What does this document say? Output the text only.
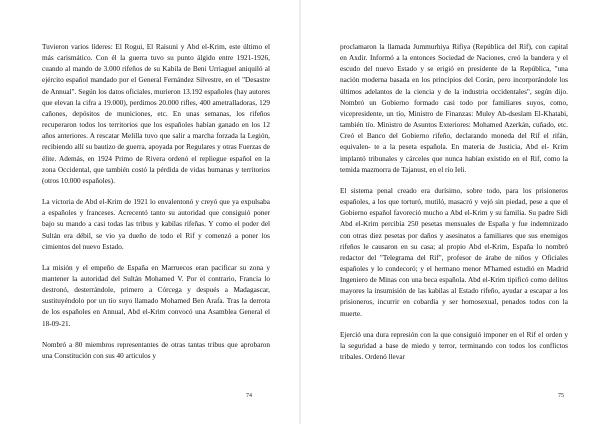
Tuvieron varios líderes: El Rogui, El Raisuni y Abd el-Krim, este último el más carismático. Con él la guerra tuvo su punto álgido entre 1921-1926, cuando al mando de 3.000 rifeños de su Kabila de Beni Urriaguel aniquiló al ejército español mandado por el General Fernández Silvestre, en el "Desastre de Annual". Según los datos oficiales, murieron 13.192 españoles (hay autores que elevan la cifra a 19.000), perdimos 20.000 rifles, 400 ametralladoras, 129 cañones, depósitos de municiones, etc. En unas semanas, los rifeños recuperaron todos los territorios que los españoles habían ganado en los 12 años anteriores. A rescatar Melilla tuvo que salir a marcha forzada la Legión, recibiendo allí su bautizo de guerra, apoyada por Regulares y otras Fuerzas de élite. Además, en 1924 Primo de Rivera ordenó el repliegue español en la zona Occidental, que también costó la pérdida de vidas humanas y territorios (otros 10.000 españoles).

La victoria de Abd el-Krim de 1921 lo envalentonó y creyó que ya expulsaba a españoles y franceses. Acrecentó tanto su autoridad que consiguió poner bajo su mando a casi todas las tribus y kabilas rifeñas. Y como el poder del Sultán era débil, se vio ya dueño de todo el Rif y comenzó a poner los cimientos del nuevo Estado.

La misión y el empeño de España en Marruecos eran pacificar su zona y mantener la autoridad del Sultán Mohamed V. Por el contrario, Francia lo destronó, desterrándole, primero a Córcega y después a Madagascar, sustituyéndolo por un tío suyo llamado Mohamed Ben Arafa. Tras la derrota de los españoles en Annual, Abd el-Krim convocó una Asamblea General el 18-09-21.

Nombró a 80 miembros representantes de otras tantas tribus que aprobaron una Constitución con sus 40 artículos y

74

proclamaron la llamada Jummurhiya Rifiya (República del Rif), con capital en Axdir. Informó a la entonces Sociedad de Naciones, creó la bandera y el escudo del nuevo Estado y se erigió en presidente de la República, "una nación moderna basada en los principios del Corán, pero incorporándole los últimos adelantos de la ciencia y de la industria occidentales", según dijo. Nombró un Gobierno formado casi todo por familiares suyos, como, vicepresidente, un tío, Ministro de Finanzas: Muley Ab-dseslam El-Khatabi, también tío. Ministro de Asuntos Exteriores: Mohamed Azerkán, cuñado, etc. Creó el Banco del Gobierno rifeño, declarando moneda del Rif el rifán, equivalen- te a la peseta española. En materia de Justicia, Abd el- Krim implantó tribunales y cárceles que nunca habían existido en el Rif, como la temida mazmorra de Tajanust, en el río Ieli.

El sistema penal creado era durísimo, sobre todo, para los prisioneros españoles, a los que torturó, mutiló, masacró y vejó sin piedad, pese a que el Gobierno español favoreció mucho a Abd el-Krim y su familia. Su padre Sidi Abd el-Krim percibía 250 pesetas mensuales de España y fue indemnizado con otras diez pesetas por daños y asesinatos a familiares que sus enemigos rifeños le causaron en su casa; al propio Abd el-Krim, España lo nombró redactor del "Telegrama del Rif", profesor de árabe de niños y Oficiales españoles y lo condecoró; y el hermano menor M'hamed estudió en Madrid Ingeniero de Minas con una beca española. Abd el-Krim tipificó como delitos mayores la insumisión de las kabilas al Estado rifeño, ayudar a escapar a los prisioneros, incurrir en cobardía y ser homosexual, penados todos con la muerte.

Ejerció una dura represión con la que consiguió imponer en el Rif el orden y la seguridad a base de miedo y terror, terminando con todos los conflictos tribales. Ordenó llevar

75
